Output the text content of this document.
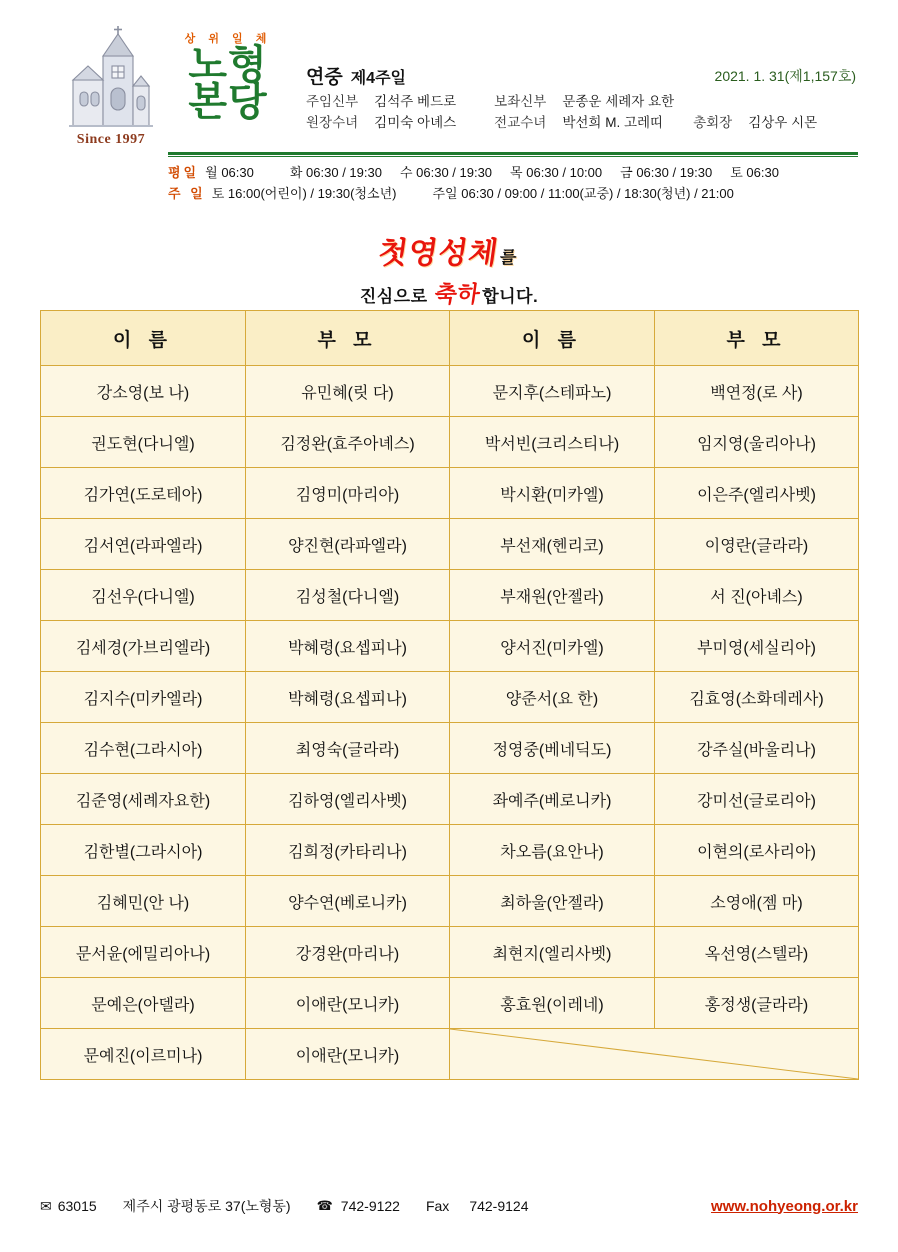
Since 1997
상 위 일 체
노형
본당
연중 제4주일	2021. 1. 31(제1,157호)
주임신부 김석주 베드로	보좌신부 문종운 세례자 요한
원장수녀 김미숙 아녜스	전교수녀 박선희 M. 고레띠 총회장 김상우 시몬
평일 월 06:30	화 06:30 / 19:30 수 06:30 / 19:30 목 06:30 / 10:00 금 06:30 / 19:30 토 06:30
주 일 토 16:00(어린이) / 19:30(청소년)	주일 06:30 / 09:00 / 11:00(교중) / 18:30(청년) / 21:00
첫영성체를
진심으로 축하합니다.
이 름	부 모	이 름	부 모
강소영(보 나)	유민혜(릿 다)	문지후(스테파노)	백연정(로 사)
권도현(다니엘)	김정완(효주아녜스)	박서빈(크리스티나)	임지영(울리아나)
김가연(도로테아)	김영미(마리아)	박시환(미카엘)	이은주(엘리사벳)
김서연(라파엘라)	양진현(라파엘라)	부선재(헨리코)	이영란(글라라)
김선우(다니엘)	김성철(다니엘)	부재원(안젤라)	서 진(아녜스)
김세경(가브리엘라)	박혜령(요셉피나)	양서진(미카엘)	부미영(세실리아)
김지수(미카엘라)	박혜령(요셉피나)	양준서(요 한)	김효영(소화데레사)
김수현(그라시아)	최영숙(글라라)	정영중(베네딕도)	강주실(바울리나)
김준영(세례자요한)	김하영(엘리사벳)	좌예주(베로니카)	강미선(글로리아)
김한별(그라시아)	김희정(카타리나)	차오름(요안나)	이현의(로사리아)
김혜민(안 나)	양수연(베로니카)	최하울(안젤라)	소영애(젬 마)
문서윤(에밀리아나)	강경완(마리나)	최현지(엘리사벳)	옥선영(스텔라)
문예은(아델라)	이애란(모니카)	홍효원(이레네)	홍정생(글라라)
문예진(이르미나)	이애란(모니카)	
✉ 63015 제주시 광평동로 37(노형동) ☎ 742-9122 Fax 742-9124	www.nohyeong.or.kr
